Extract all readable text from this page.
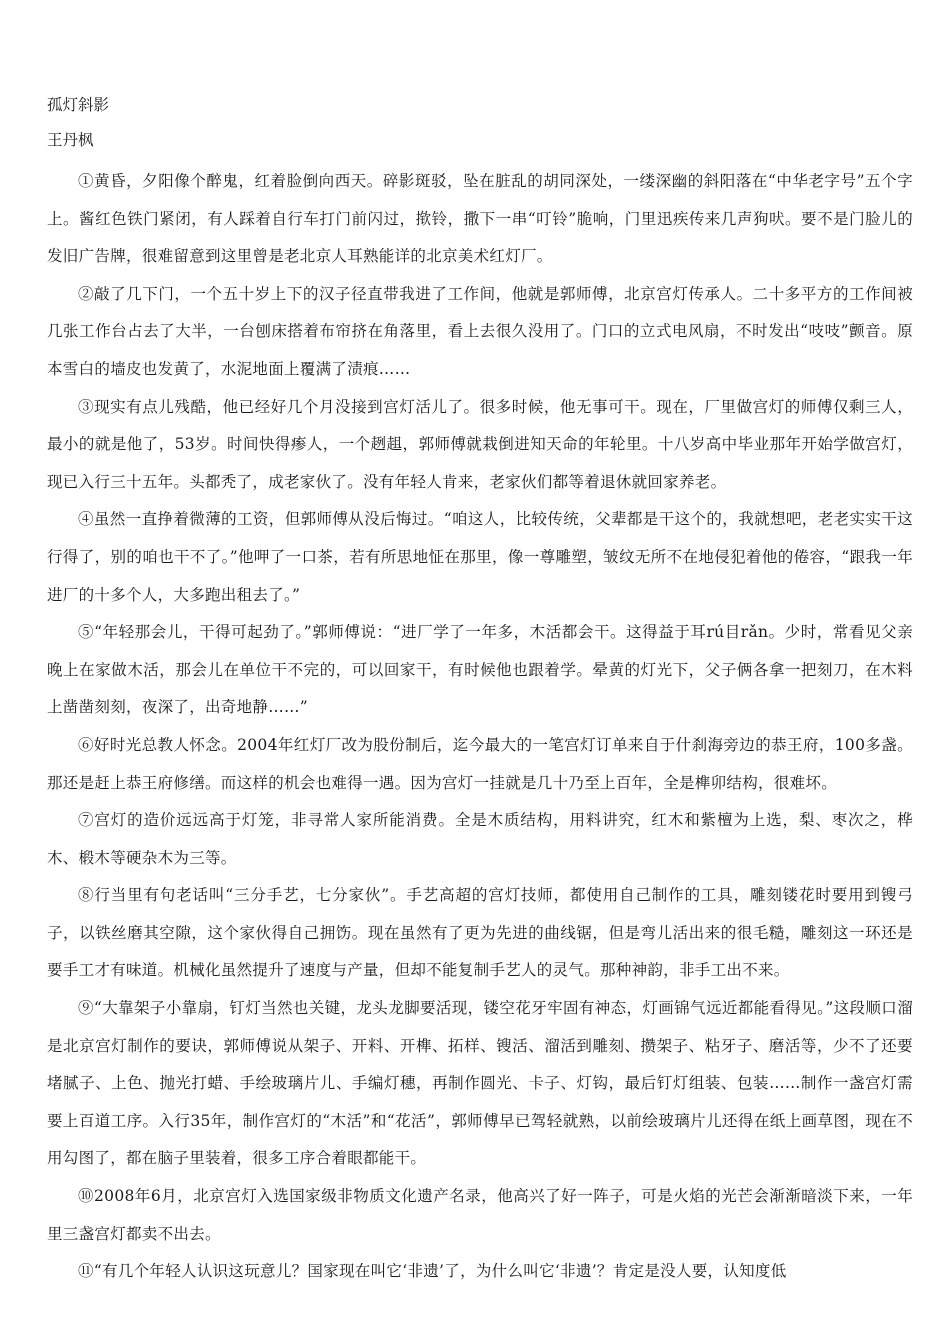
孤灯斜影

王丹枫

①黄昏，夕阳像个醉鬼，红着脸倒向西天。碎影斑驳，坠在脏乱的胡同深处，一缕深幽的斜阳落在“中华老字号”五个字上。酱红色铁门紧闭，有人踩着自行车打门前闪过，揿铃，撒下一串“叮铃”脆响，门里迅疾传来几声狗吠。要不是门脸儿的发旧广告牌，很难留意到这里曾是老北京人耳熟能详的北京美术红灯厂。

②敲了几下门，一个五十岁上下的汉子径直带我进了工作间，他就是郭师傅，北京宫灯传承人。二十多平方的工作间被几张工作台占去了大半，一台刨床搭着布帘挤在角落里，看上去很久没用了。门口的立式电风扇，不时发出“吱吱”颤音。原本雪白的墙皮也发黄了，水泥地面上覆满了渍痕……

③现实有点儿残酷，他已经好几个月没接到宫灯活儿了。很多时候，他无事可干。现在，厂里做宫灯的师傅仅剩三人，最小的就是他了，53岁。时间快得瘆人，一个趔趄，郭师傅就栽倒进知天命的年轮里。十八岁高中毕业那年开始学做宫灯，现已入行三十五年。头都秃了，成老家伙了。没有年轻人肯来，老家伙们都等着退休就回家养老。

④虽然一直挣着微薄的工资，但郭师傅从没后悔过。“咱这人，比较传统，父辈都是干这个的，我就想吧，老老实实干这行得了，别的咱也干不了。”他呷了一口茶，若有所思地怔在那里，像一尊雕塑，皱纹无所不在地侵犯着他的倦容，“跟我一年进厂的十多个人，大多跑出租去了。”

⑤“年轻那会儿，干得可起劲了。”郭师傅说：“进厂学了一年多，木活都会干。这得益于耳rú目rǎn。少时，常看见父亲晚上在家做木活，那会儿在单位干不完的，可以回家干，有时候他也跟着学。晕黄的灯光下，父子俩各拿一把刻刀，在木料上凿凿刻刻，夜深了，出奇地静……”

⑥好时光总教人怀念。2004年红灯厂改为股份制后，迄今最大的一笔宫灯订单来自于什刹海旁边的恭王府，100多盏。那还是赶上恭王府修缮。而这样的机会也难得一遇。因为宫灯一挂就是几十乃至上百年，全是榫卯结构，很难坏。

⑦宫灯的造价远远高于灯笼，非寻常人家所能消费。全是木质结构，用料讲究，红木和紫檀为上选，梨、枣次之，桦木、椴木等硬杂木为三等。

⑧行当里有句老话叫“三分手艺，七分家伙”。手艺高超的宫灯技师，都使用自己制作的工具，雕刻镂花时要用到锼弓子，以铁丝磨其空隙，这个家伙得自己拥饬。现在虽然有了更为先进的曲线锯，但是弯儿活出来的很毛糙，雕刻这一环还是要手工才有味道。机械化虽然提升了速度与产量，但却不能复制手艺人的灵气。那种神韵，非手工出不来。

⑨“大靠架子小靠扇，钉灯当然也关键，龙头龙脚要活现，镂空花牙牢固有神态，灯画锦气远近都能看得见。”这段顺口溜是北京宫灯制作的要诀，郭师傅说从架子、开料、开榫、拓样、锼活、溜活到雕刻、攒架子、粘牙子、磨活等，少不了还要堵腻子、上色、抛光打蜡、手绘玻璃片儿、手编灯穗，再制作圆光、卡子、灯钩，最后钉灯组装、包装……制作一盏宫灯需要上百道工序。入行35年，制作宫灯的“木活”和“花活”，郭师傅早已驾轻就熟，以前绘玻璃片儿还得在纸上画草图，现在不用勾图了，都在脑子里装着，很多工序合着眼都能干。

⑩2008年6月，北京宫灯入选国家级非物质文化遗产名录，他高兴了好一阵子，可是火焰的光芒会渐渐暗淡下来，一年里三盏宫灯都卖不出去。

⑪“有几个年轻人认识这玩意儿？国家现在叫它‘非遗’了，为什么叫它‘非遗’？肯定是没人要，认知度低
